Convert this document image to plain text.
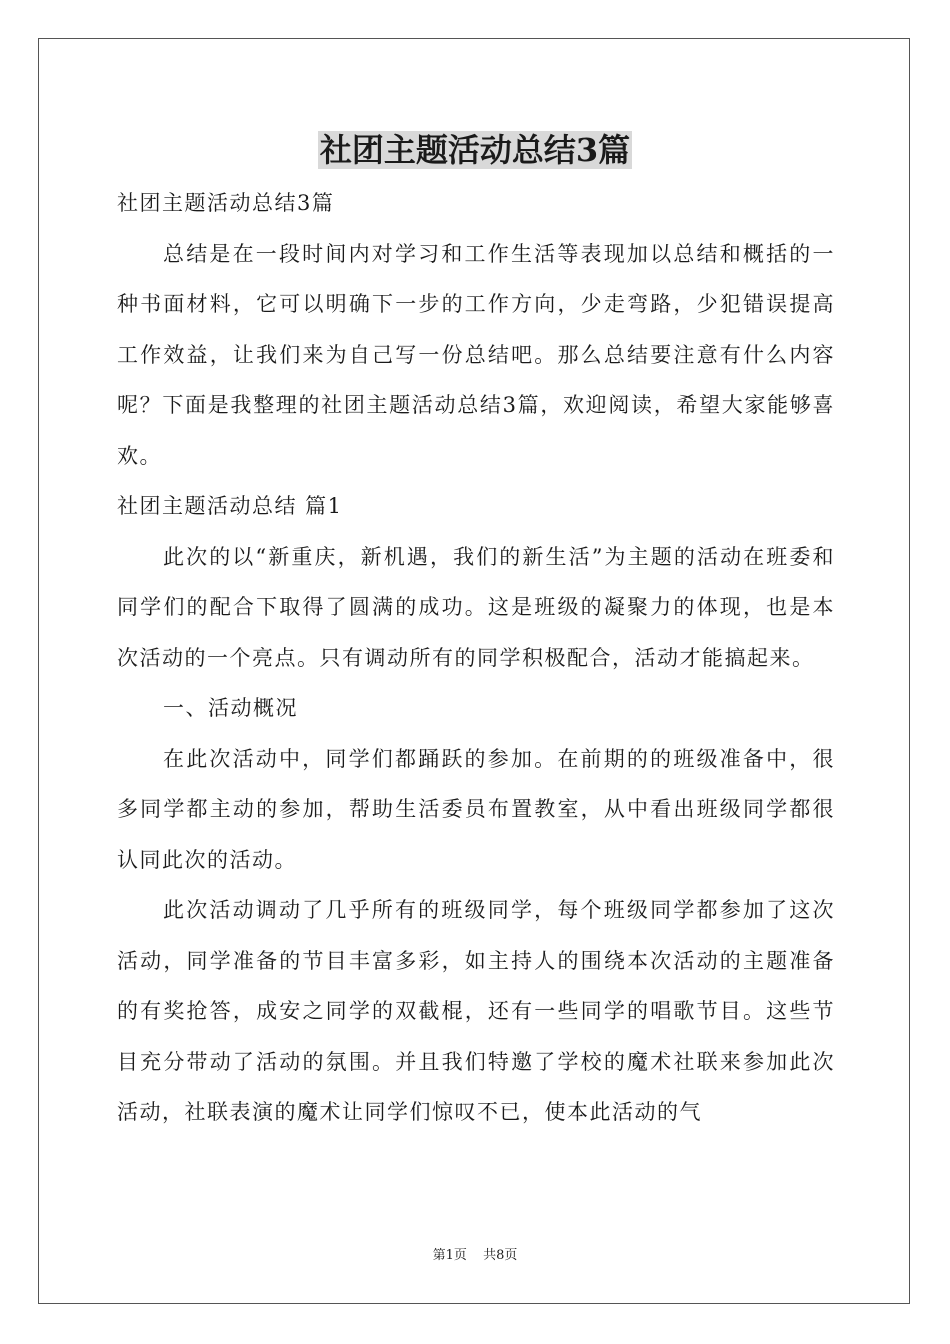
社团主题活动总结3篇

社团主题活动总结3篇

总结是在一段时间内对学习和工作生活等表现加以总结和概括的一种书面材料，它可以明确下一步的工作方向，少走弯路，少犯错误提高工作效益，让我们来为自己写一份总结吧。那么总结要注意有什么内容呢？下面是我整理的社团主题活动总结3篇，欢迎阅读，希望大家能够喜欢。

社团主题活动总结 篇1

此次的以“新重庆，新机遇，我们的新生活”为主题的活动在班委和同学们的配合下取得了圆满的成功。这是班级的凝聚力的体现，也是本次活动的一个亮点。只有调动所有的同学积极配合，活动才能搞起来。

一、活动概况

在此次活动中，同学们都踊跃的参加。在前期的的班级准备中，很多同学都主动的参加，帮助生活委员布置教室，从中看出班级同学都很认同此次的活动。

此次活动调动了几乎所有的班级同学，每个班级同学都参加了这次活动，同学准备的节目丰富多彩，如主持人的围绕本次活动的主题准备的有奖抢答，成安之同学的双截棍，还有一些同学的唱歌节目。这些节目充分带动了活动的氛围。并且我们特邀了学校的魔术社联来参加此次活动，社联表演的魔术让同学们惊叹不已，使本此活动的气

第1页 共8页
